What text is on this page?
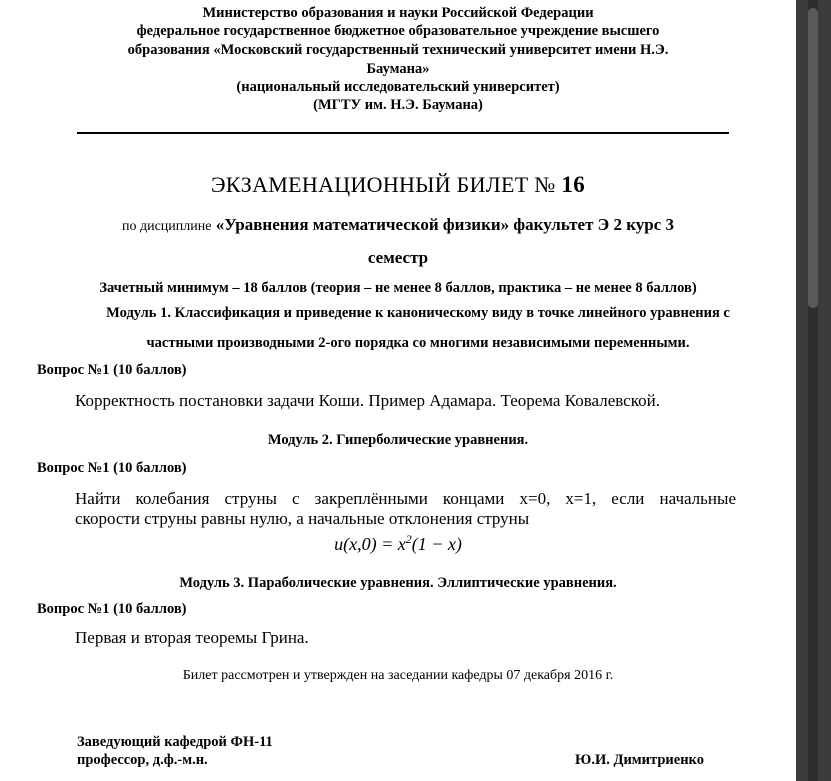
Министерство образования и науки Российской Федерации
федеральное государственное бюджетное образовательное учреждение высшего
образования «Московский государственный технический университет имени Н.Э.
Баумана»
(национальный исследовательский университет)
(МГТУ им. Н.Э. Баумана)
ЭКЗАМЕНАЦИОННЫЙ БИЛЕТ № 16
по дисциплине «Уравнения математической физики» факультет Э 2 курс 3
семестр
Зачетный минимум – 18 баллов (теория – не менее 8 баллов, практика – не менее 8 баллов)
Модуль 1. Классификация и приведение к каноническому виду в точке линейного уравнения с
частными производными 2-ого порядка со многими независимыми переменными.
Вопрос №1 (10 баллов)
Корректность постановки задачи Коши. Пример Адамара. Теорема Ковалевской.
Модуль 2. Гиперболические уравнения.
Вопрос №1 (10 баллов)
Найти колебания струны с закреплёнными концами x=0, x=1, если начальные
скорости струны равны нулю, а начальные отклонения струны
$u(x,0) = x^2(1 - x)$
Модуль 3. Параболические уравнения. Эллиптические уравнения.
Вопрос №1 (10 баллов)
Первая и вторая теоремы Грина.
Билет рассмотрен и утвержден на заседании кафедры 07 декабря 2016 г.
Заведующий кафедрой ФН-11
профессор, д.ф.-м.н.	Ю.И. Димитриенко
